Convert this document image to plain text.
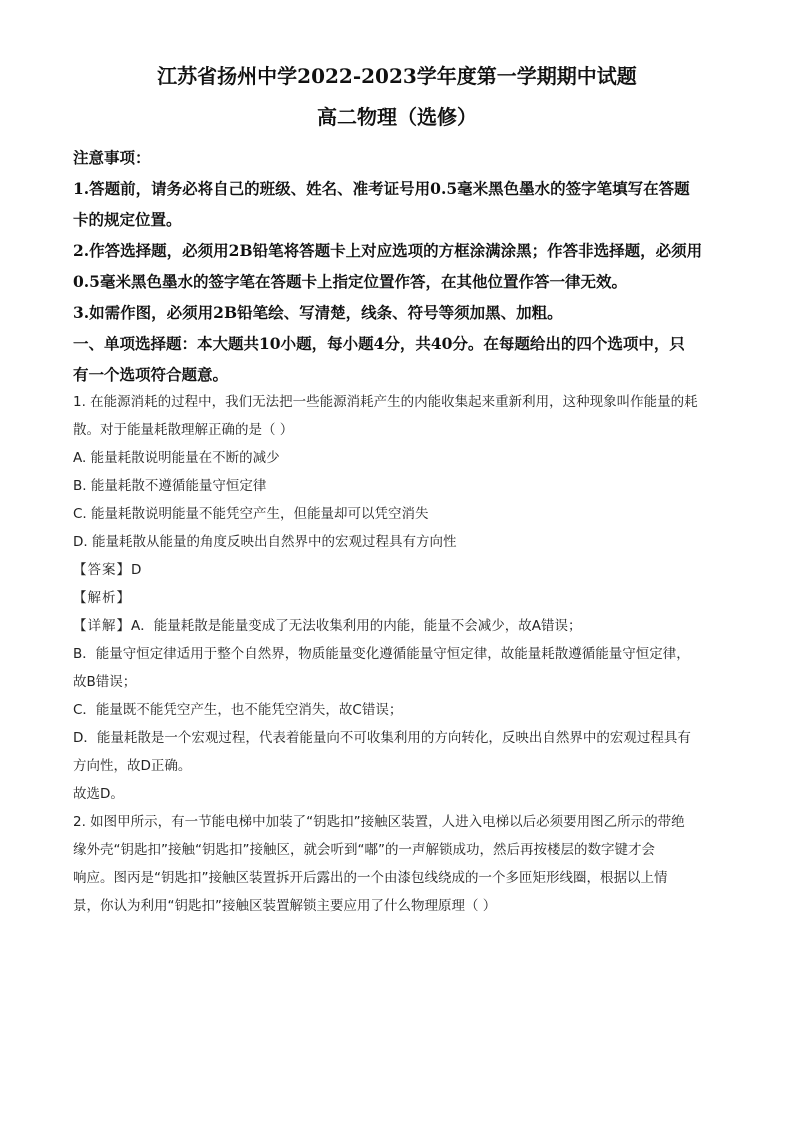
江苏省扬州中学2022-2023学年度第一学期期中试题
高二物理（选修）

注意事项：

1.答题前，请务必将自己的班级、姓名、准考证号用0.5毫米黑色墨水的签字笔填写在答题

卡的规定位置。

2.作答选择题，必须用2B铅笔将答题卡上对应选项的方框涂满涂黑；作答非选择题，必须用

0.5毫米黑色墨水的签字笔在答题卡上指定位置作答，在其他位置作答一律无效。

3.如需作图，必须用2B铅笔绘、写清楚，线条、符号等须加黑、加粗。

一、单项选择题：本大题共10小题，每小题4分，共40分。在每题给出的四个选项中，只

有一个选项符合题意。

1. 在能源消耗的过程中，我们无法把一些能源消耗产生的内能收集起来重新利用，这种现象叫作能量的耗

散。对于能量耗散理解正确的是（ ）

A. 能量耗散说明能量在不断的减少

B. 能量耗散不遵循能量守恒定律

C. 能量耗散说明能量不能凭空产生，但能量却可以凭空消失

D. 能量耗散从能量的角度反映出自然界中的宏观过程具有方向性

【答案】D

【解析】

【详解】A．能量耗散是能量变成了无法收集利用的内能，能量不会减少，故A错误；

B．能量守恒定律适用于整个自然界，物质能量变化遵循能量守恒定律，故能量耗散遵循能量守恒定律，

故B错误；

C．能量既不能凭空产生，也不能凭空消失，故C错误；

D．能量耗散是一个宏观过程，代表着能量向不可收集利用的方向转化，反映出自然界中的宏观过程具有

方向性，故D正确。

故选D。

2. 如图甲所示，有一节能电梯中加装了“钥匙扣”接触区装置，人进入电梯以后必须要用图乙所示的带绝

缘外壳“钥匙扣”接触“钥匙扣”接触区，就会听到“嘟”的一声解锁成功，然后再按楼层的数字键才会

响应。图丙是“钥匙扣”接触区装置拆开后露出的一个由漆包线绕成的一个多匝矩形线圈，根据以上情

景，你认为利用“钥匙扣”接触区装置解锁主要应用了什么物理原理（ ）
